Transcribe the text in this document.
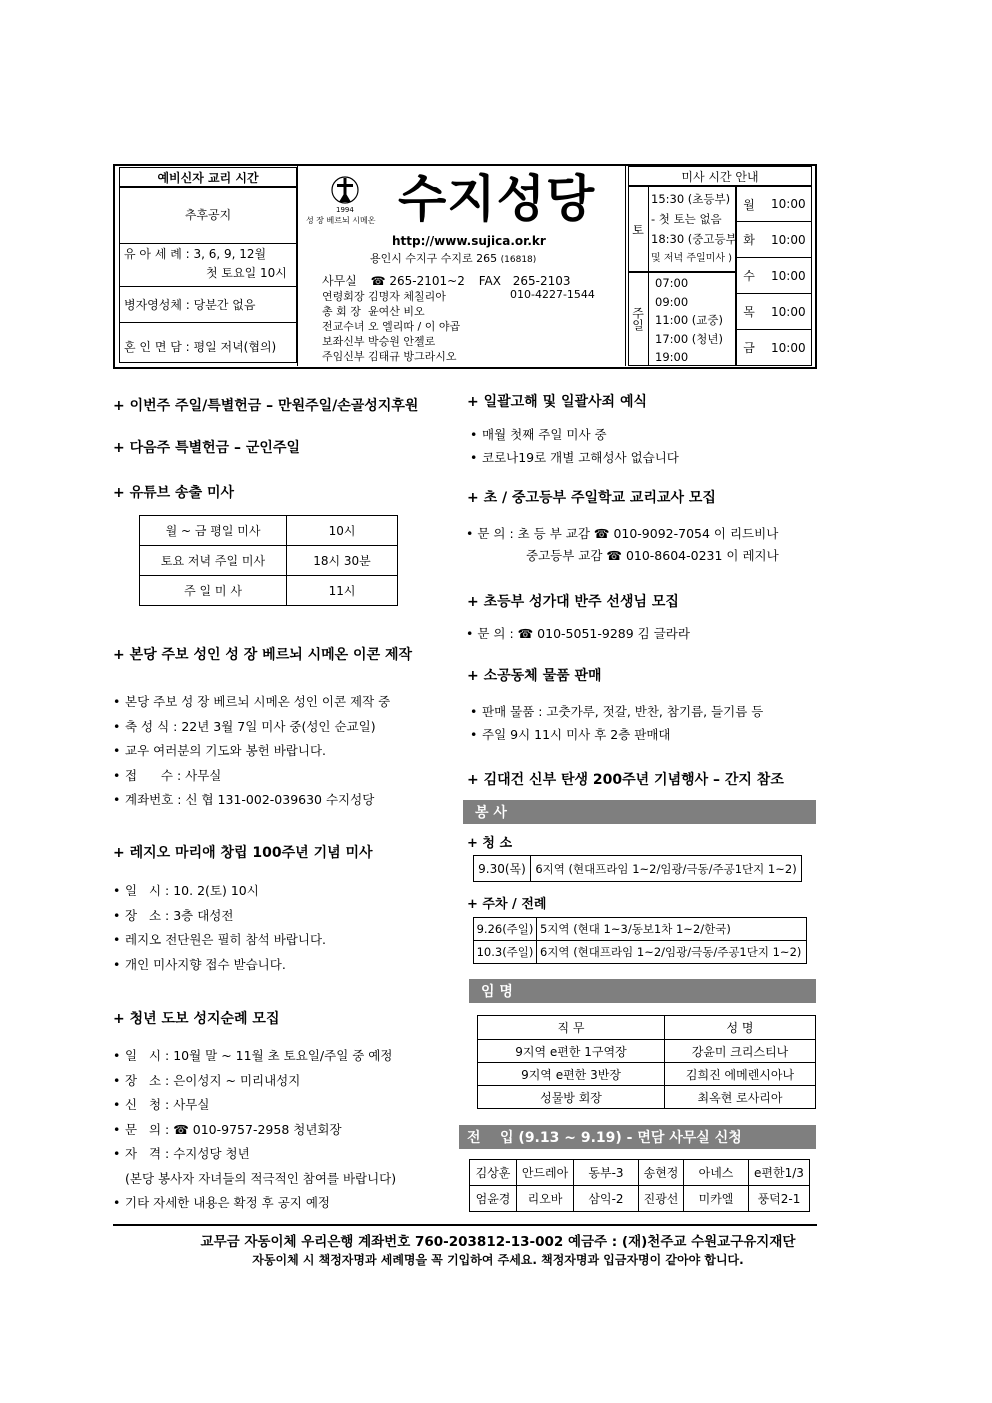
예비신자 교리 시간
추후공지
유 아 세 례 : 3, 6, 9, 12월
첫 토요일 10시
병자영성체 : 당분간 없음
혼 인 면 담 : 평일 저녁(협의)
1994
성 장 베르뇌 시메온 수지성당
http://www.sujica.or.kr
용인시 수지구 수지로 265 (16818)
사무실 ☎ 265-2101~2 FAX 265-2103
연령회장 김명자 체칠리아	010-4227-1544
총 회 장 윤여산 비오
전교수녀 오 엘리따 / 이 야곱
보좌신부 박승원 안젤로
주임신부 김태규 방그라시오
미사 시간 안내
토
15:30 (초등부)
- 첫 토는 없음
18:30 (중고등부
및 저녁 주일미사 )
주일
07:00
09:00
11:00 (교중)
17:00 (청년)
19:00
월	10:00
화	10:00
수	10:00
목	10:00
금	10:00
+ 이번주 주일/특별헌금 – 만원주일/손골성지후원
+ 다음주 특별헌금 – 군인주일
+ 유튜브 송출 미사
월 ~ 금 평일 미사	10시
토요 저녁 주일 미사	18시 30분
주 일 미 사	11시
+ 본당 주보 성인 성 장 베르뇌 시메온 이콘 제작
• 본당 주보 성 장 베르뇌 시메온 성인 이콘 제작 중
• 축 성 식 : 22년 3월 7일 미사 중(성인 순교일)
• 교우 여러분의 기도와 봉헌 바랍니다.
• 접      수 : 사무실
• 계좌번호 : 신 협 131-002-039630 수지성당
+ 레지오 마리애 창립 100주년 기념 미사
• 일   시 : 10. 2(토) 10시
• 장   소 : 3층 대성전
• 레지오 전단원은 필히 참석 바랍니다.
• 개인 미사지향 접수 받습니다.
+ 청년 도보 성지순례 모집
• 일   시 : 10월 말 ~ 11월 초 토요일/주일 중 예정
• 장   소 : 은이성지 ~ 미리내성지
• 신   청 : 사무실
• 문   의 : ☎ 010-9757-2958 청년회장
• 자   격 : 수지성당 청년
(본당 봉사자 자녀들의 적극적인 참여를 바랍니다)
• 기타 자세한 내용은 확정 후 공지 예정
+ 일괄고해 및 일괄사죄 예식
• 매월 첫째 주일 미사 중
• 코로나19로 개별 고해성사 없습니다
+ 초 / 중고등부 주일학교 교리교사 모집
• 문 의 : 초 등 부 교감 ☎ 010-9092-7054 이 리드비나
중고등부 교감 ☎ 010-8604-0231 이 레지나
+ 초등부 성가대 반주 선생님 모집
• 문 의 : ☎ 010-5051-9289 김 글라라
+ 소공동체 물품 판매
• 판매 물품 : 고춧가루, 젓갈, 반찬, 참기름, 들기름 등
• 주일 9시 11시 미사 후 2층 판매대
+ 김대건 신부 탄생 200주년 기념행사 – 간지 참조
봉 사
+ 청 소
9.30(목)	6지역 (현대프라임 1~2/임광/극동/주공1단지 1~2)
+ 주차 / 전례
9.26(주일)	5지역 (현대 1~3/동보1차 1~2/한국)
10.3(주일)	6지역 (현대프라임 1~2/임광/극동/주공1단지 1~2)
임 명
직 무	성 명
9지역 e편한 1구역장	강윤미 크리스티나
9지역 e편한 3반장	김희진 에메렌시아나
성물방 회장	최옥현 로사리아
전    입 (9.13 ~ 9.19) - 면담 사무실 신청
김상훈	안드레아	동부-3	송현정	아네스	e편한1/3
엄윤경	리오바	삼익-2	진광선	미카엘	풍덕2-1
교무금 자동이체 우리은행 계좌번호 760-203812-13-002 예금주 : (재)천주교 수원교구유지재단
자동이체 시 책정자명과 세례명을 꼭 기입하여 주세요. 책정자명과 입금자명이 같아야 합니다.
